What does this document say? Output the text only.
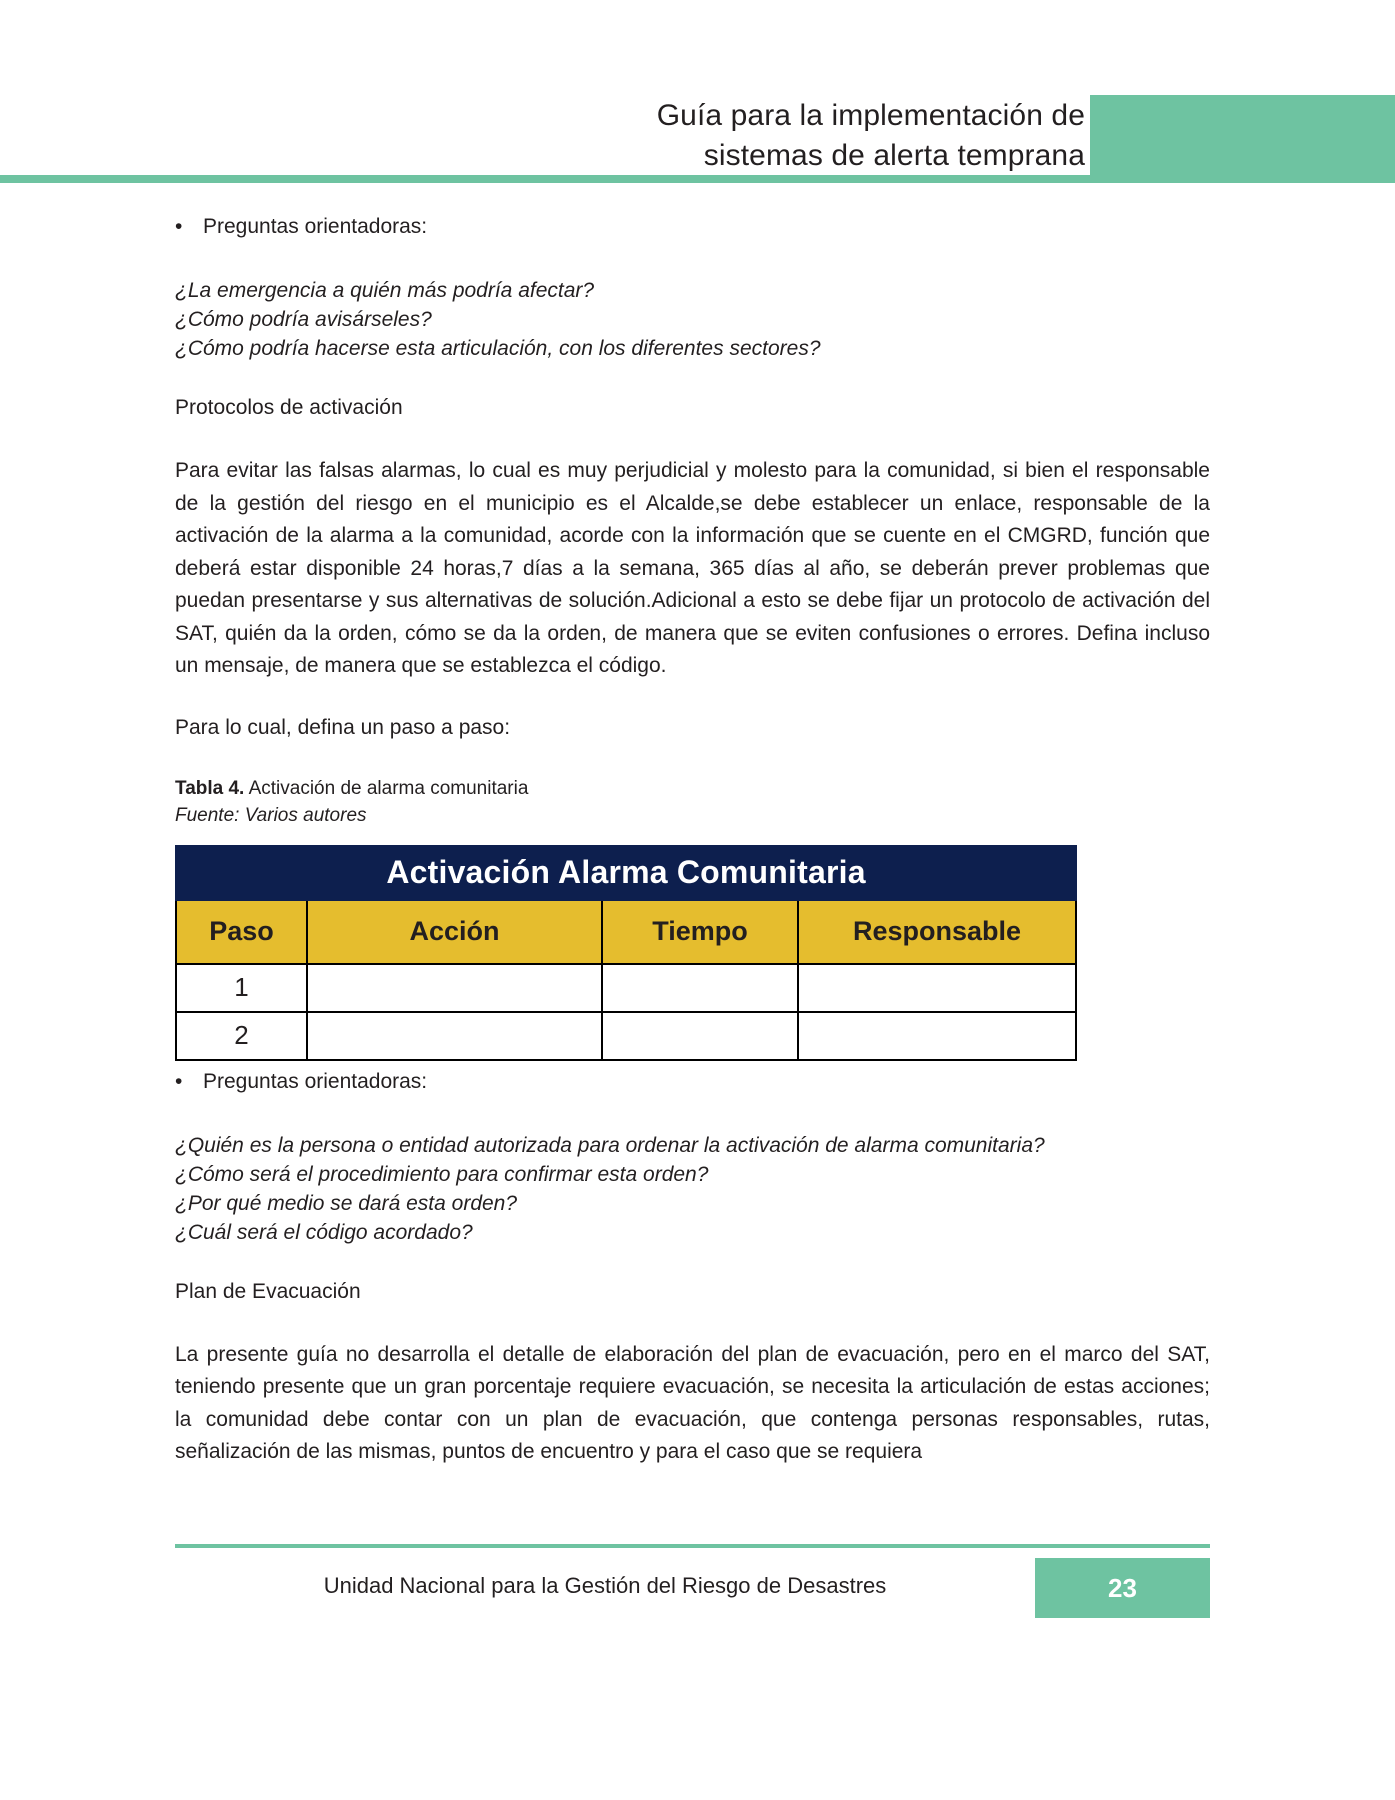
Guía para la implementación de
sistemas de alerta temprana
• Preguntas orientadoras:
¿La emergencia a quién más podría afectar?
¿Cómo podría avisárseles?
¿Cómo podría hacerse esta articulación, con los diferentes sectores?
Protocolos de activación
Para evitar las falsas alarmas, lo cual es muy perjudicial y molesto para la comunidad, si bien el responsable de la gestión del riesgo en el municipio es el Alcalde,se debe establecer un enlace, responsable de la activación de la alarma a la comunidad, acorde con la información que se cuente en el CMGRD, función que deberá estar disponible 24 horas,7 días a la semana, 365 días al año, se deberán prever problemas que puedan presentarse y sus alternativas de solución.Adicional a esto se debe fijar un protocolo de activación del SAT, quién da la orden, cómo se da la orden, de manera que se eviten confusiones o errores. Defina incluso un mensaje, de manera que se establezca el código.
Para lo cual, defina un paso a paso:
Tabla 4. Activación de alarma comunitaria
Fuente: Varios autores
Activación Alarma Comunitaria			
Paso	Acción	Tiempo	Responsable
1			
2			
• Preguntas orientadoras:
¿Quién es la persona o entidad autorizada para ordenar la activación de alarma comunitaria?
¿Cómo será el procedimiento para confirmar esta orden?
¿Por qué medio se dará esta orden?
¿Cuál será el código acordado?
Plan de Evacuación
La presente guía no desarrolla el detalle de elaboración del plan de evacuación, pero en el marco del SAT, teniendo presente que un gran porcentaje requiere evacuación, se necesita la articulación de estas acciones; la comunidad debe contar con un plan de evacuación, que contenga personas responsables, rutas, señalización de las mismas, puntos de encuentro y para el caso que se requiera
Unidad Nacional para la Gestión del Riesgo de Desastres	23
